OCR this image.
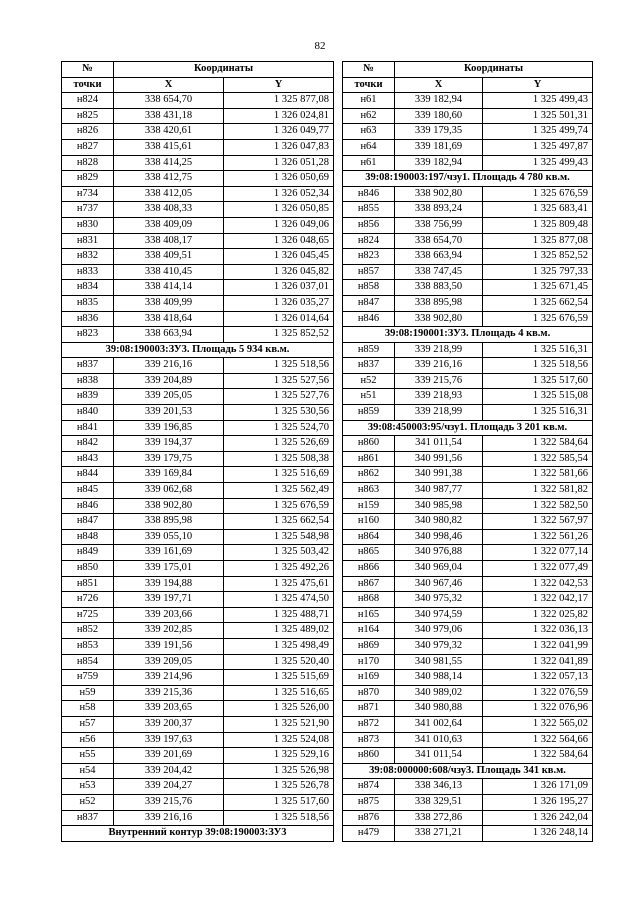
82
№	Координаты	
точки	X	Y
н824	338 654,70	1 325 877,08
н825	338 431,18	1 326 024,81
н826	338 420,61	1 326 049,77
н827	338 415,61	1 326 047,83
н828	338 414,25	1 326 051,28
н829	338 412,75	1 326 050,69
н734	338 412,05	1 326 052,34
н737	338 408,33	1 326 050,85
н830	338 409,09	1 326 049,06
н831	338 408,17	1 326 048,65
н832	338 409,51	1 326 045,45
н833	338 410,45	1 326 045,82
н834	338 414,14	1 326 037,01
н835	338 409,99	1 326 035,27
н836	338 418,64	1 326 014,64
н823	338 663,94	1 325 852,52
39:08:190003:ЗУ3. Площадь 5 934 кв.м.		
н837	339 216,16	1 325 518,56
н838	339 204,89	1 325 527,56
н839	339 205,05	1 325 527,76
н840	339 201,53	1 325 530,56
н841	339 196,85	1 325 524,70
н842	339 194,37	1 325 526,69
н843	339 179,75	1 325 508,38
н844	339 169,84	1 325 516,69
н845	339 062,68	1 325 562,49
н846	338 902,80	1 325 676,59
н847	338 895,98	1 325 662,54
н848	339 055,10	1 325 548,98
н849	339 161,69	1 325 503,42
н850	339 175,01	1 325 492,26
н851	339 194,88	1 325 475,61
н726	339 197,71	1 325 474,50
н725	339 203,66	1 325 488,71
н852	339 202,85	1 325 489,02
н853	339 191,56	1 325 498,49
н854	339 209,05	1 325 520,40
н759	339 214,96	1 325 515,69
н59	339 215,36	1 325 516,65
н58	339 203,65	1 325 526,00
н57	339 200,37	1 325 521,90
н56	339 197,63	1 325 524,08
н55	339 201,69	1 325 529,16
н54	339 204,42	1 325 526,98
н53	339 204,27	1 325 526,78
н52	339 215,76	1 325 517,60
н837	339 216,16	1 325 518,56
Внутренний контур 39:08:190003:ЗУ3		
№	Координаты	
точки	X	Y
н61	339 182,94	1 325 499,43
н62	339 180,60	1 325 501,31
н63	339 179,35	1 325 499,74
н64	339 181,69	1 325 497,87
н61	339 182,94	1 325 499,43
39:08:190003:197/чзу1. Площадь 4 780 кв.м.		
н846	338 902,80	1 325 676,59
н855	338 893,24	1 325 683,41
н856	338 756,99	1 325 809,48
н824	338 654,70	1 325 877,08
н823	338 663,94	1 325 852,52
н857	338 747,45	1 325 797,33
н858	338 883,50	1 325 671,45
н847	338 895,98	1 325 662,54
н846	338 902,80	1 325 676,59
39:08:190001:ЗУ3. Площадь 4 кв.м.		
н859	339 218,99	1 325 516,31
н837	339 216,16	1 325 518,56
н52	339 215,76	1 325 517,60
н51	339 218,93	1 325 515,08
н859	339 218,99	1 325 516,31
39:08:450003:95/чзу1. Площадь 3 201 кв.м.		
н860	341 011,54	1 322 584,64
н861	340 991,56	1 322 585,54
н862	340 991,38	1 322 581,66
н863	340 987,77	1 322 581,82
н159	340 985,98	1 322 582,50
н160	340 980,82	1 322 567,97
н864	340 998,46	1 322 561,26
н865	340 976,88	1 322 077,14
н866	340 969,04	1 322 077,49
н867	340 967,46	1 322 042,53
н868	340 975,32	1 322 042,17
н165	340 974,59	1 322 025,82
н164	340 979,06	1 322 036,13
н869	340 979,32	1 322 041,99
н170	340 981,55	1 322 041,89
н169	340 988,14	1 322 057,13
н870	340 989,02	1 322 076,59
н871	340 980,88	1 322 076,96
н872	341 002,64	1 322 565,02
н873	341 010,63	1 322 564,66
н860	341 011,54	1 322 584,64
39:08:000000:608/чзу3. Площадь 341 кв.м.		
н874	338 346,13	1 326 171,09
н875	338 329,51	1 326 195,27
н876	338 272,86	1 326 242,04
н479	338 271,21	1 326 248,14
